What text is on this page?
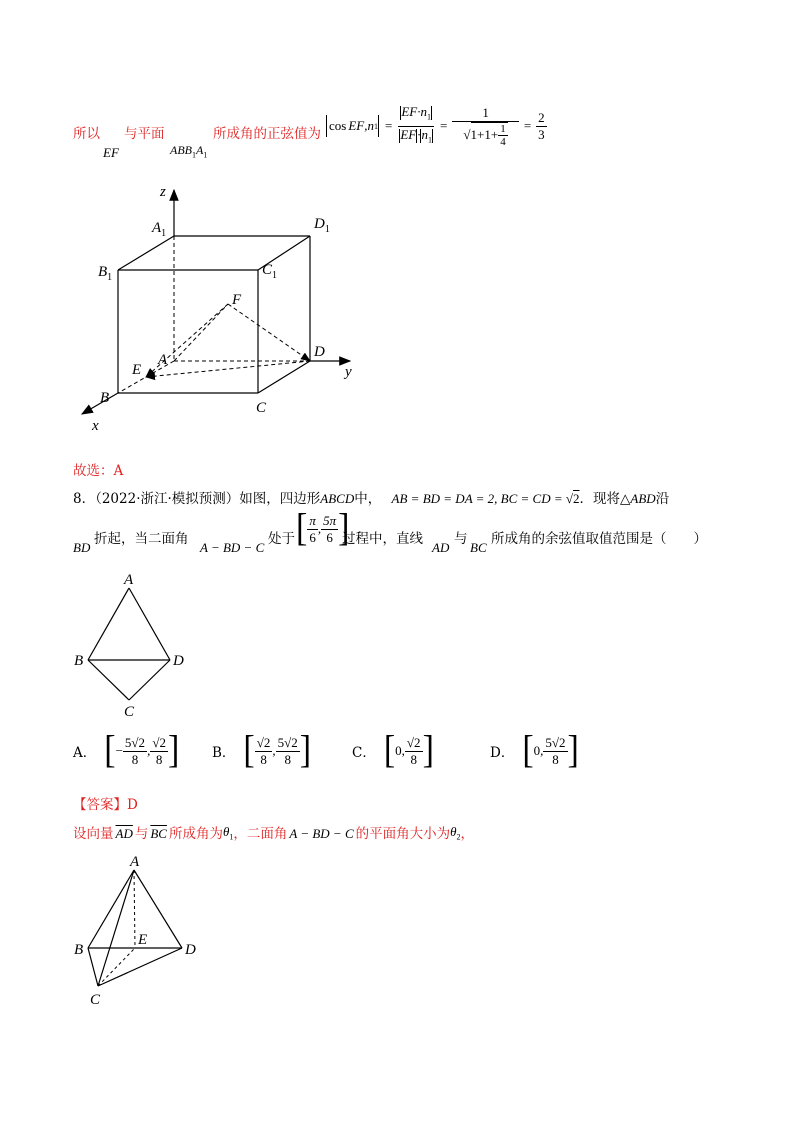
所以 与平面	所成角的正弦值为
EF	$ABB_1A_1$
cos EF , n $1 = \frac{EF\cdot n_1}{EF\cdot n_1} = \frac{1}{√ 1+1+ \frac{1}{4}} = \frac{2}{3}$
z
y
x
$A_1$
$D_1$
$B_1$	$C_1$
F
A	D
E
B
C
故选：A
8．（2022·浙江·模拟预测）如图，四边形ABCD中， AB = BD = DA = 2, BC = CD = √2．现将△ABD沿
BD
折起，当二面角
A − BD − C
处于 [ $\frac{\pi}{6}$ , $\frac{5\pi}{6}$ ]
过程中，直线
AD
与
BC
所成角的余弦值取值范围是（　　）
A
B	D
C
A． [ − $\frac{5√2}{8}$ , $\frac{√2}{8}$ ] B． [ $\frac{√2}{8}$ , $\frac{5√2}{8}$ ]	C． [ 0, $\frac{√2}{8}$ ]	D． [ 0, $\frac{5√2}{8}$ ]
【答案】D
设向量 $\overline{AD}$ 与 $\overline{BC}$ 所成角为 $\theta_1$ ，二面角 A − BD − C 的平面角大小为 $\theta_2$ ，
A
B
E
D
C
